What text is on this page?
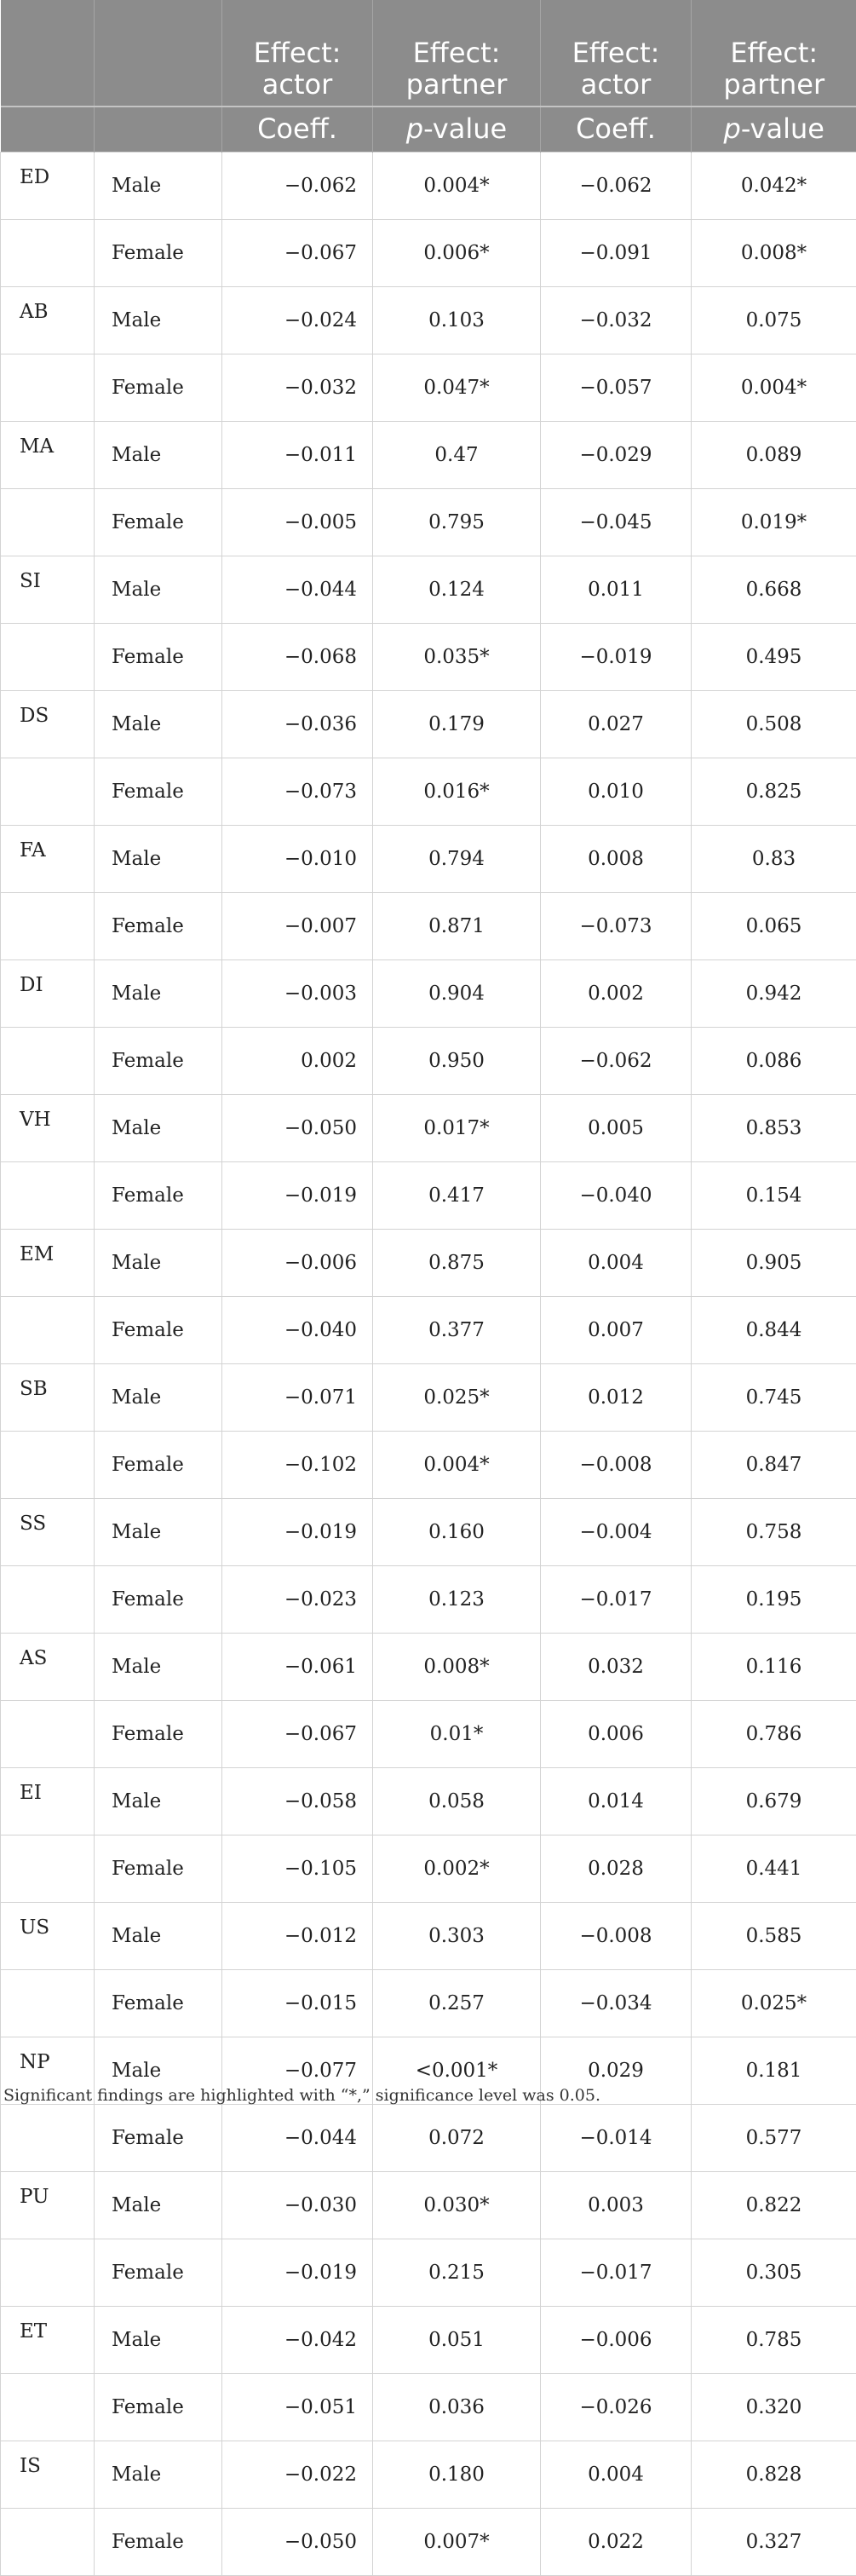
		Effect: actor	Effect: partner	Effect: actor	Effect: partner
		Coeff.	p-value	Coeff.	p-value
ED	Male	−0.062	0.004*	−0.062	0.042*
	Female	−0.067	0.006*	−0.091	0.008*
AB	Male	−0.024	0.103	−0.032	0.075
	Female	−0.032	0.047*	−0.057	0.004*
MA	Male	−0.011	0.47	−0.029	0.089
	Female	−0.005	0.795	−0.045	0.019*
SI	Male	−0.044	0.124	0.011	0.668
	Female	−0.068	0.035*	−0.019	0.495
DS	Male	−0.036	0.179	0.027	0.508
	Female	−0.073	0.016*	0.010	0.825
FA	Male	−0.010	0.794	0.008	0.83
	Female	−0.007	0.871	−0.073	0.065
DI	Male	−0.003	0.904	0.002	0.942
	Female	0.002	0.950	−0.062	0.086
VH	Male	−0.050	0.017*	0.005	0.853
	Female	−0.019	0.417	−0.040	0.154
EM	Male	−0.006	0.875	0.004	0.905
	Female	−0.040	0.377	0.007	0.844
SB	Male	−0.071	0.025*	0.012	0.745
	Female	−0.102	0.004*	−0.008	0.847
SS	Male	−0.019	0.160	−0.004	0.758
	Female	−0.023	0.123	−0.017	0.195
AS	Male	−0.061	0.008*	0.032	0.116
	Female	−0.067	0.01*	0.006	0.786
EI	Male	−0.058	0.058	0.014	0.679
	Female	−0.105	0.002*	0.028	0.441
US	Male	−0.012	0.303	−0.008	0.585
	Female	−0.015	0.257	−0.034	0.025*
NP	Male	−0.077	<0.001*	0.029	0.181
	Female	−0.044	0.072	−0.014	0.577
PU	Male	−0.030	0.030*	0.003	0.822
	Female	−0.019	0.215	−0.017	0.305
ET	Male	−0.042	0.051	−0.006	0.785
	Female	−0.051	0.036	−0.026	0.320
IS	Male	−0.022	0.180	0.004	0.828
	Female	−0.050	0.007*	0.022	0.327

Significant findings are highlighted with “*,” significance level was 0.05.
